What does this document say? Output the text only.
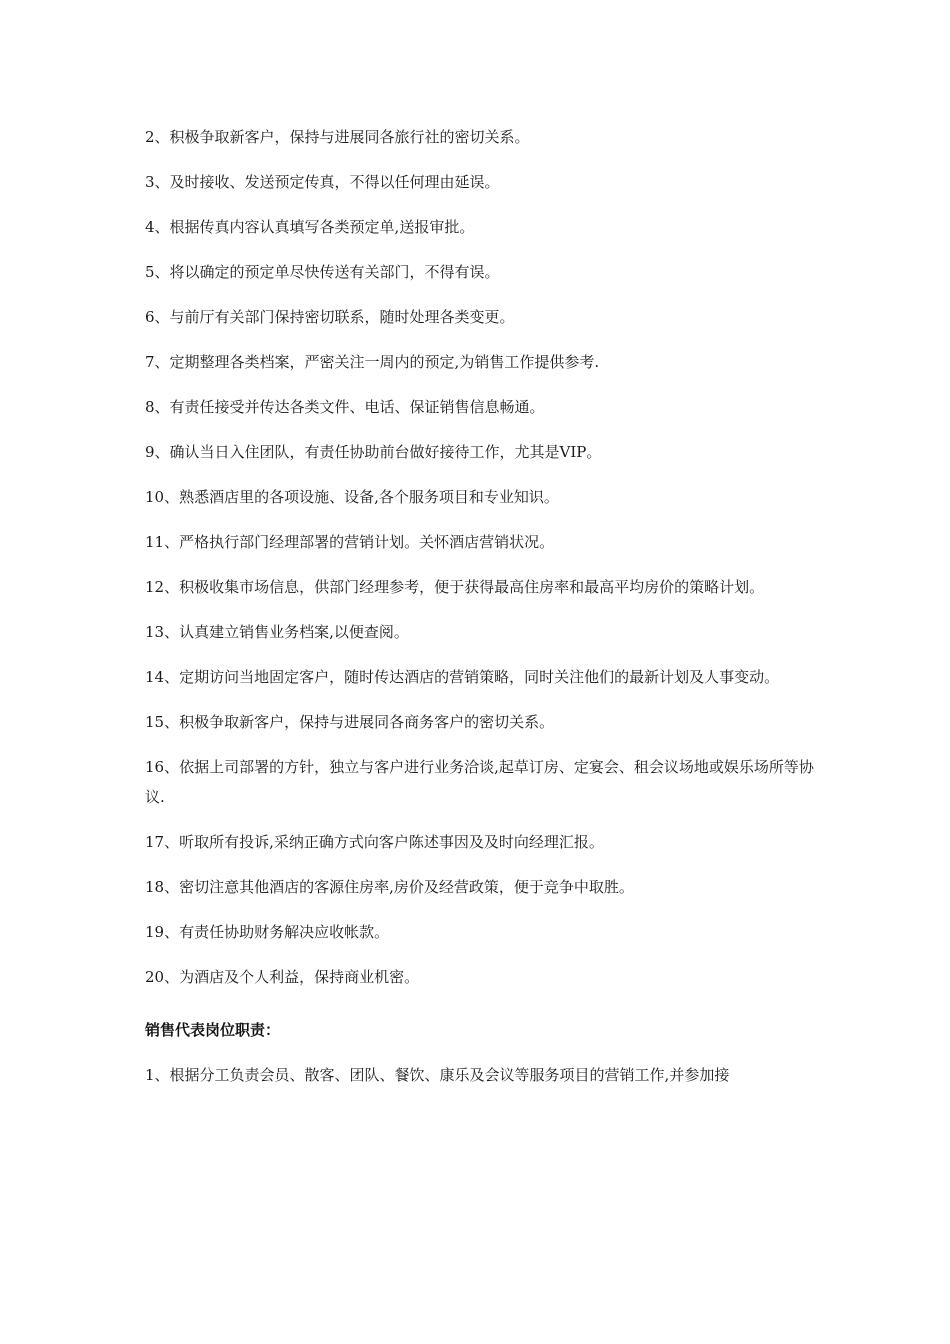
2、积极争取新客户，保持与进展同各旅行社的密切关系。

3、及时接收、发送预定传真，不得以任何理由延误。

4、根据传真内容认真填写各类预定单,送报审批。

5、将以确定的预定单尽快传送有关部门，不得有误。

6、与前厅有关部门保持密切联系，随时处理各类变更。

7、定期整理各类档案，严密关注一周内的预定,为销售工作提供参考.

8、有责任接受并传达各类文件、电话、保证销售信息畅通。

9、确认当日入住团队，有责任协助前台做好接待工作，尤其是VIP。

10、熟悉酒店里的各项设施、设备,各个服务项目和专业知识。

11、严格执行部门经理部署的营销计划。关怀酒店营销状况。

12、积极收集市场信息，供部门经理参考，便于获得最高住房率和最高平均房价的策略计划。

13、认真建立销售业务档案,以便查阅。

14、定期访问当地固定客户，随时传达酒店的营销策略，同时关注他们的最新计划及人事变动。

15、积极争取新客户，保持与进展同各商务客户的密切关系。

16、依据上司部署的方针，独立与客户进行业务洽谈,起草订房、定宴会、租会议场地或娱乐场所等协议.

17、听取所有投诉,采纳正确方式向客户陈述事因及及时向经理汇报。

18、密切注意其他酒店的客源住房率,房价及经营政策，便于竞争中取胜。

19、有责任协助财务解决应收帐款。

20、为酒店及个人利益，保持商业机密。

销售代表岗位职责：

1、根据分工负责会员、散客、团队、餐饮、康乐及会议等服务项目的营销工作,并参加接
